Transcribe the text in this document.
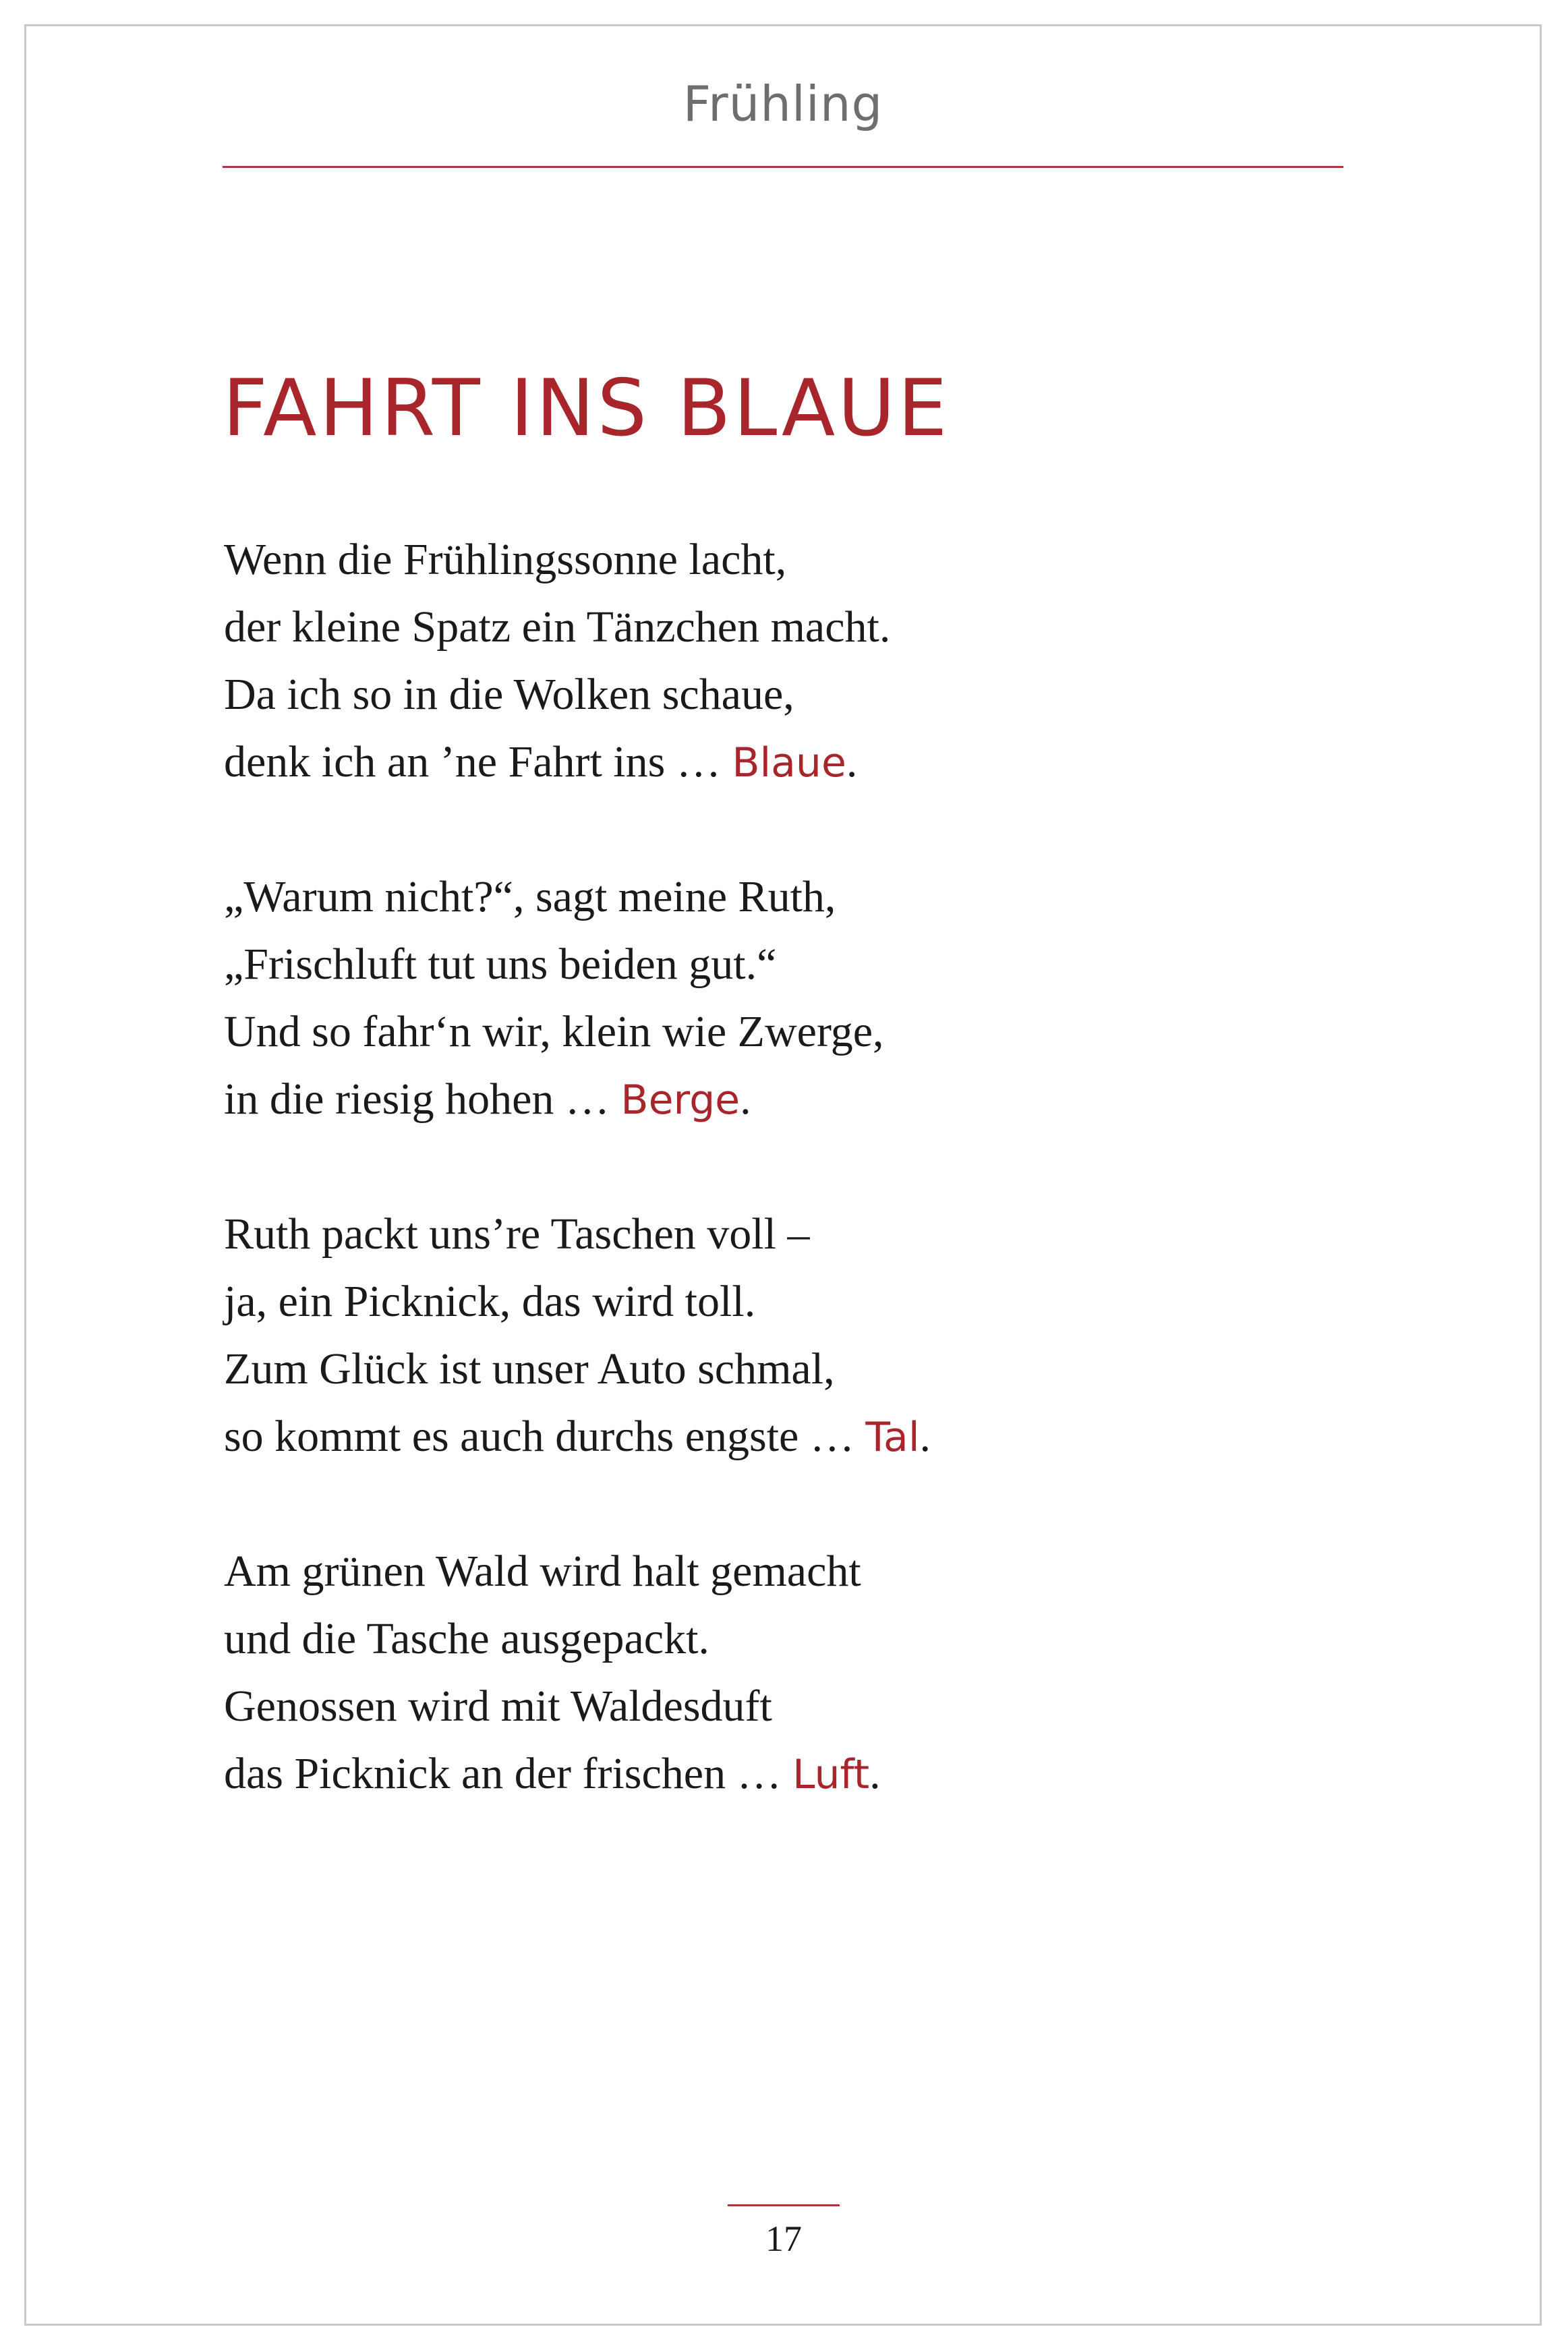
Frühling
FAHRT INS BLAUE
Wenn die Frühlingssonne lacht,
der kleine Spatz ein Tänzchen macht.
Da ich so in die Wolken schaue,
denk ich an ’ne Fahrt ins … Blaue.
„Warum nicht?“, sagt meine Ruth,
„Frischluft tut uns beiden gut.“
Und so fahr‘n wir, klein wie Zwerge,
in die riesig hohen … Berge.
Ruth packt uns’re Taschen voll –
ja, ein Picknick, das wird toll.
Zum Glück ist unser Auto schmal,
so kommt es auch durchs engste … Tal.
Am grünen Wald wird halt gemacht
und die Tasche ausgepackt.
Genossen wird mit Waldesduft
das Picknick an der frischen … Luft.
17
